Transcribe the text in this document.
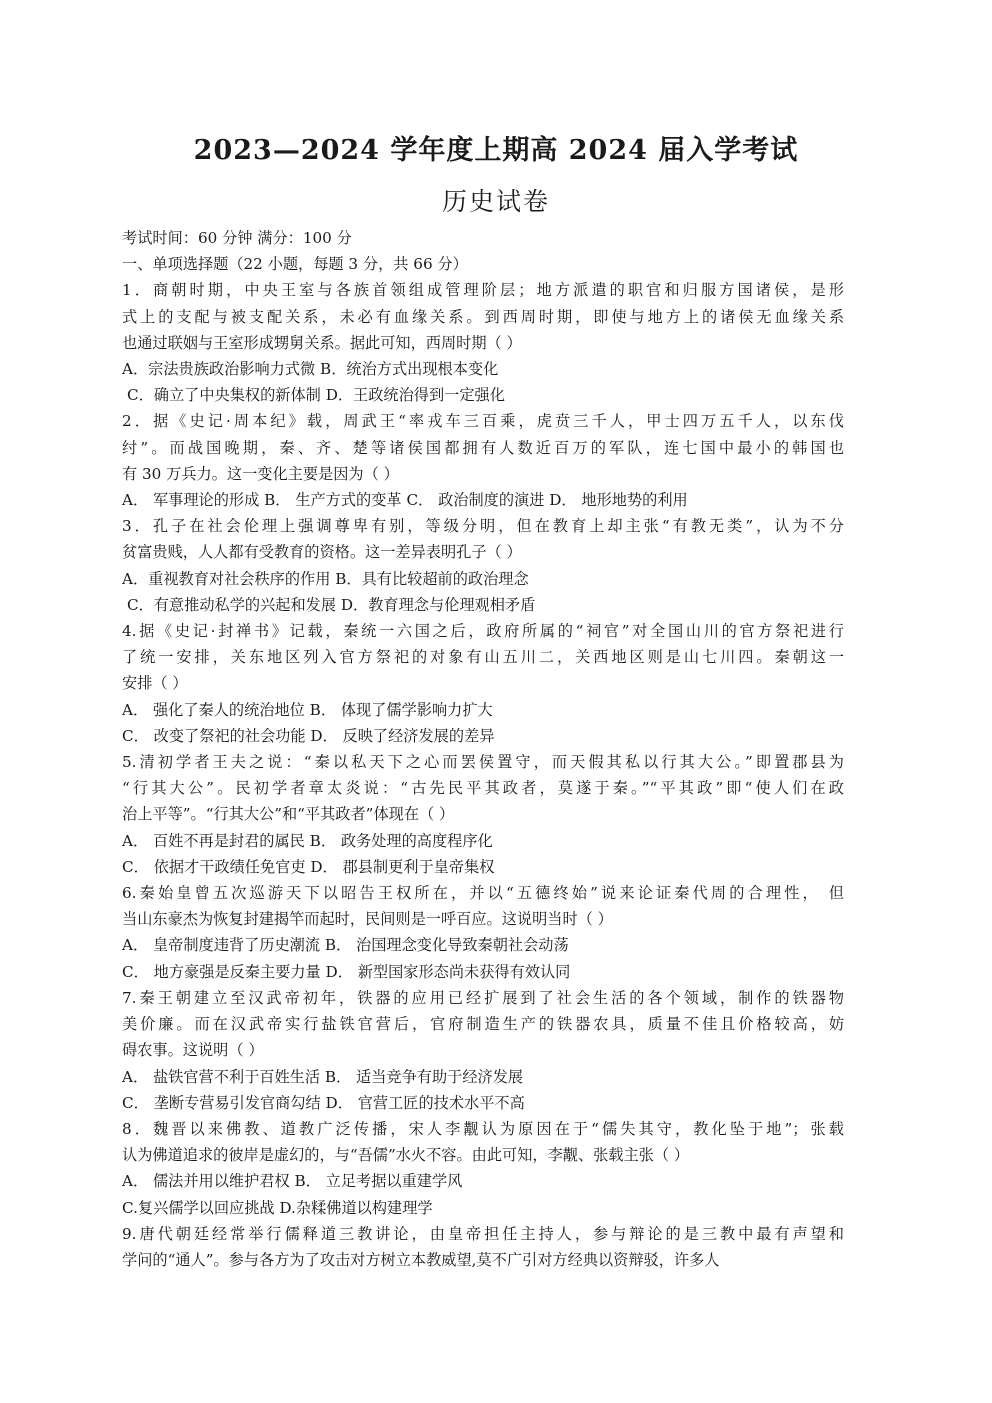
2023—2024 学年度上期高 2024 届入学考试
历史试卷
考试时间：60 分钟 满分：100 分
一、单项选择题（22 小题，每题 3 分，共 66 分）
1．商朝时期，中央王室与各族首领组成管理阶层；地方派遣的职官和归服方国诸侯，是形
式上的支配与被支配关系，未必有血缘关系。到西周时期，即使与地方上的诸侯无血缘关系
也通过联姻与王室形成甥舅关系。据此可知，西周时期（ ）
A．宗法贵族政治影响力式微 B．统治方式出现根本变化
C．确立了中央集权的新体制 D．王政统治得到一定强化
2．据《史记·周本纪》载，周武王“率戎车三百乘，虎贲三千人，甲士四万五千人，以东伐
纣”。而战国晚期，秦、齐、楚等诸侯国都拥有人数近百万的军队，连七国中最小的韩国也
有 30 万兵力。这一变化主要是因为（ ）
A． 军事理论的形成 B． 生产方式的变革 C． 政治制度的演进 D． 地形地势的利用
3．孔子在社会伦理上强调尊卑有别，等级分明，但在教育上却主张“有教无类”，认为不分
贫富贵贱，人人都有受教育的资格。这一差异表明孔子（ ）
A．重视教育对社会秩序的作用 B．具有比较超前的政治理念
C．有意推动私学的兴起和发展 D．教育理念与伦理观相矛盾
4.据《史记·封禅书》记载，秦统一六国之后，政府所属的“祠官”对全国山川的官方祭祀进行
了统一安排，关东地区列入官方祭祀的对象有山五川二，关西地区则是山七川四。秦朝这一
安排（ ）
A． 强化了秦人的统治地位 B． 体现了儒学影响力扩大
C． 改变了祭祀的社会功能 D． 反映了经济发展的差异
5.清初学者王夫之说：“秦以私天下之心而罢侯置守，而天假其私以行其大公。”即置郡县为
“行其大公”。民初学者章太炎说：“古先民平其政者，莫遂于秦。”“平其政”即“使人们在政
治上平等”。“行其大公”和“平其政者”体现在（ ）
A． 百姓不再是封君的属民 B． 政务处理的高度程序化
C． 依据才干政绩任免官吏 D． 郡县制更利于皇帝集权
6.秦始皇曾五次巡游天下以昭告王权所在，并以“五德终始”说来论证秦代周的合理性， 但
当山东豪杰为恢复封建揭竿而起时，民间则是一呼百应。这说明当时（ ）
A． 皇帝制度违背了历史潮流 B． 治国理念变化导致秦朝社会动荡
C． 地方豪强是反秦主要力量 D． 新型国家形态尚未获得有效认同
7.秦王朝建立至汉武帝初年，铁器的应用已经扩展到了社会生活的各个领域，制作的铁器物
美价廉。而在汉武帝实行盐铁官营后，官府制造生产的铁器农具，质量不佳且价格较高，妨
碍农事。这说明（ ）
A． 盐铁官营不利于百姓生活 B． 适当竞争有助于经济发展
C． 垄断专营易引发官商勾结 D． 官营工匠的技术水平不高
8．魏晋以来佛教、道教广泛传播，宋人李觏认为原因在于“儒失其守，教化坠于地”；张载
认为佛道追求的彼岸是虚幻的，与“吾儒”水火不容。由此可知，李觏、张载主张（ ）
A． 儒法并用以维护君权 B． 立足考据以重建学风
C.复兴儒学以回应挑战 D.杂糅佛道以构建理学
9.唐代朝廷经常举行儒释道三教讲论，由皇帝担任主持人，参与辩论的是三教中最有声望和
学问的“通人”。参与各方为了攻击对方树立本教威望,莫不广引对方经典以资辩驳，许多人
